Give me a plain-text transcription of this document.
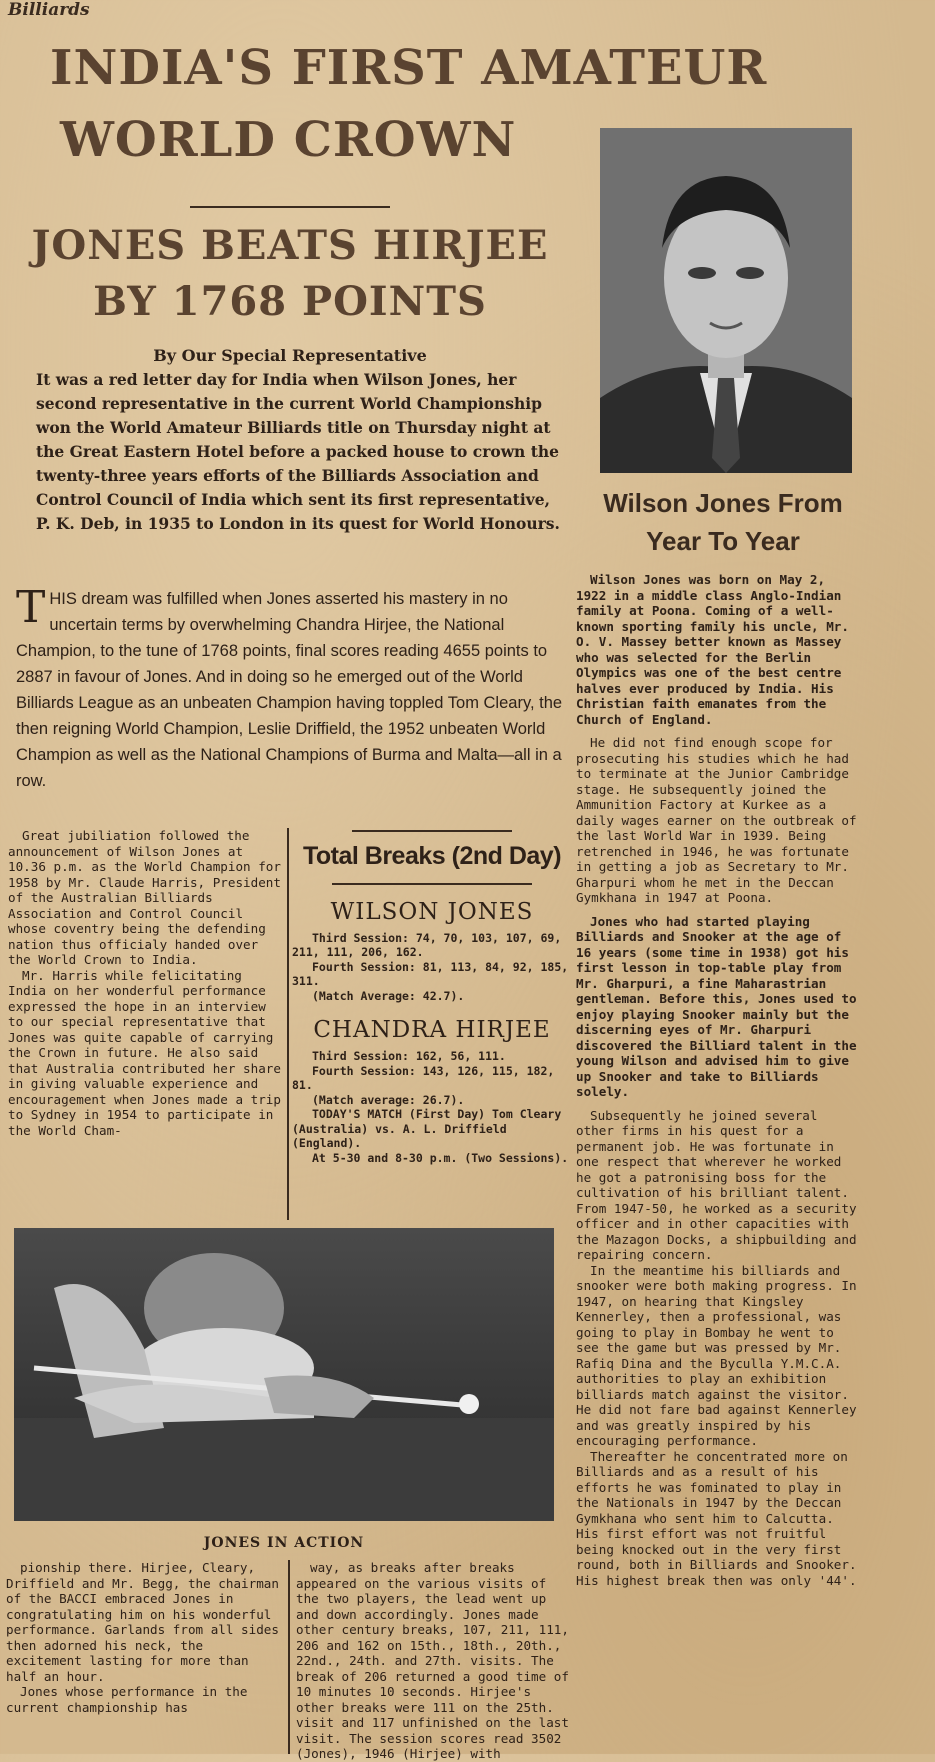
Billiards
INDIA'S FIRST AMATEUR
WORLD CROWN
JONES BEATS HIRJEE
BY 1768 POINTS
By Our Special Representative
It was a red letter day for India when Wilson Jones, her second representative in the current World Championship won the World Amateur Billiards title on Thursday night at the Great Eastern Hotel before a packed house to crown the twenty-three years efforts of the Billiards Association and Control Council of India which sent its first representative, P. K. Deb, in 1935 to London in its quest for World Honours.
THIS dream was fulfilled when Jones asserted his mastery in no uncertain terms by overwhelming Chandra Hirjee, the National Champion, to the tune of 1768 points, final scores reading 4655 points to 2887 in favour of Jones. And in doing so he emerged out of the World Billiards League as an unbeaten Champion having toppled Tom Cleary, the then reigning World Champion, Leslie Driffield, the 1952 unbeaten World Champion as well as the National Champions of Burma and Malta—all in a row.

Great jubiliation followed the announcement of Wilson Jones at 10.36 p.m. as the World Champion for 1958 by Mr. Claude Harris, President of the Australian Billiards Association and Control Council whose coventry being the defending nation thus officialy handed over the World Crown to India.

Mr. Harris while felicitating India on her wonderful performance expressed the hope in an interview to our special representative that Jones was quite capable of carrying the Crown in future. He also said that Australia contributed her share in giving valuable experience and encouragement when Jones made a trip to Sydney in 1954 to participate in the World Cham-

Total Breaks (2nd Day)
WILSON JONES

Third Session: 74, 70, 103, 107, 69, 211, 111, 206, 162.

Fourth Session: 81, 113, 84, 92, 185, 311.

(Match Average: 42.7).

CHANDRA HIRJEE

Third Session: 162, 56, 111.

Fourth Session: 143, 126, 115, 182, 81.

(Match average: 26.7).

TODAY'S MATCH (First Day) Tom Cleary (Australia) vs. A. L. Driffield (England).

At 5-30 and 8-30 p.m. (Two Sessions).

JONES IN ACTION

pionship there. Hirjee, Cleary, Driffield and Mr. Begg, the chairman of the BACCI embraced Jones in congratulating him on his wonderful performance. Garlands from all sides then adorned his neck, the excitement lasting for more than half an hour.

Jones whose performance in the current championship has

way, as breaks after breaks appeared on the various visits of the two players, the lead went up and down accordingly. Jones made other century breaks, 107, 211, 111, 206 and 162 on 15th., 18th., 20th., 22nd., 24th. and 27th. visits. The break of 206 returned a good time of 10 minutes 10 seconds. Hirjee's other breaks were 111 on the 25th. visit and 117 unfinished on the last visit. The session scores read 3502 (Jones), 1946 (Hirjee) with

Wilson Jones From Year To Year

Wilson Jones was born on May 2, 1922 in a middle class Anglo-Indian family at Poona. Coming of a well-known sporting family his uncle, Mr. O. V. Massey better known as Massey who was selected for the Berlin Olympics was one of the best centre halves ever produced by India. His Christian faith emanates from the Church of England.

He did not find enough scope for prosecuting his studies which he had to terminate at the Junior Cambridge stage. He subsequently joined the Ammunition Factory at Kurkee as a daily wages earner on the outbreak of the last World War in 1939. Being retrenched in 1946, he was fortunate in getting a job as Secretary to Mr. Gharpuri whom he met in the Deccan Gymkhana in 1947 at Poona.

Jones who had started playing Billiards and Snooker at the age of 16 years (some time in 1938) got his first lesson in top-table play from Mr. Gharpuri, a fine Maharastrian gentleman. Before this, Jones used to enjoy playing Snooker mainly but the discerning eyes of Mr. Gharpuri discovered the Billiard talent in the young Wilson and advised him to give up Snooker and take to Billiards solely.

Subsequently he joined several other firms in his quest for a permanent job. He was fortunate in one respect that wherever he worked he got a patronising boss for the cultivation of his brilliant talent. From 1947-50, he worked as a security officer and in other capacities with the Mazagon Docks, a shipbuilding and repairing concern.

In the meantime his billiards and snooker were both making progress. In 1947, on hearing that Kingsley Kennerley, then a professional, was going to play in Bombay he went to see the game but was pressed by Mr. Rafiq Dina and the Byculla Y.M.C.A. authorities to play an exhibition billiards match against the visitor. He did not fare bad against Kennerley and was greatly inspired by his encouraging performance.

Thereafter he concentrated more on Billiards and as a result of his efforts he was fominated to play in the Nationals in 1947 by the Deccan Gymkhana who sent him to Calcutta. His first effort was not fruitful being knocked out in the very first round, both in Billiards and Snooker. His highest break then was only '44'.
